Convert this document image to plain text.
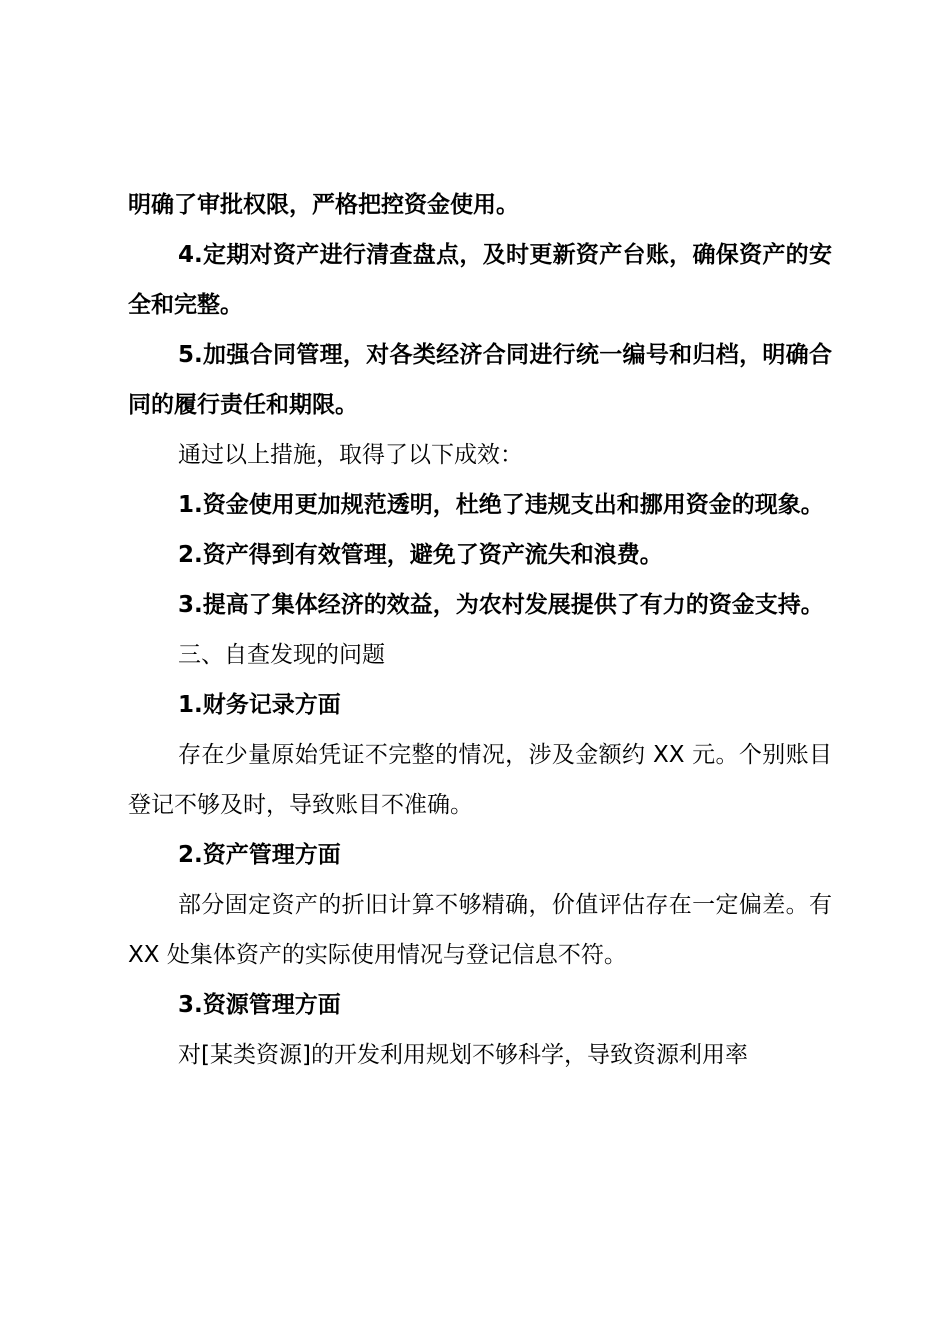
明确了审批权限，严格把控资金使用。

4.定期对资产进行清查盘点，及时更新资产台账，确保资产的安全和完整。

5.加强合同管理，对各类经济合同进行统一编号和归档，明确合同的履行责任和期限。

通过以上措施，取得了以下成效：

1.资金使用更加规范透明，杜绝了违规支出和挪用资金的现象。

2.资产得到有效管理，避免了资产流失和浪费。

3.提高了集体经济的效益，为农村发展提供了有力的资金支持。

三、自查发现的问题

1.财务记录方面

存在少量原始凭证不完整的情况，涉及金额约 XX 元。个别账目登记不够及时，导致账目不准确。

2.资产管理方面

部分固定资产的折旧计算不够精确，价值评估存在一定偏差。有 XX 处集体资产的实际使用情况与登记信息不符。

3.资源管理方面

对[某类资源]的开发利用规划不够科学，导致资源利用率
